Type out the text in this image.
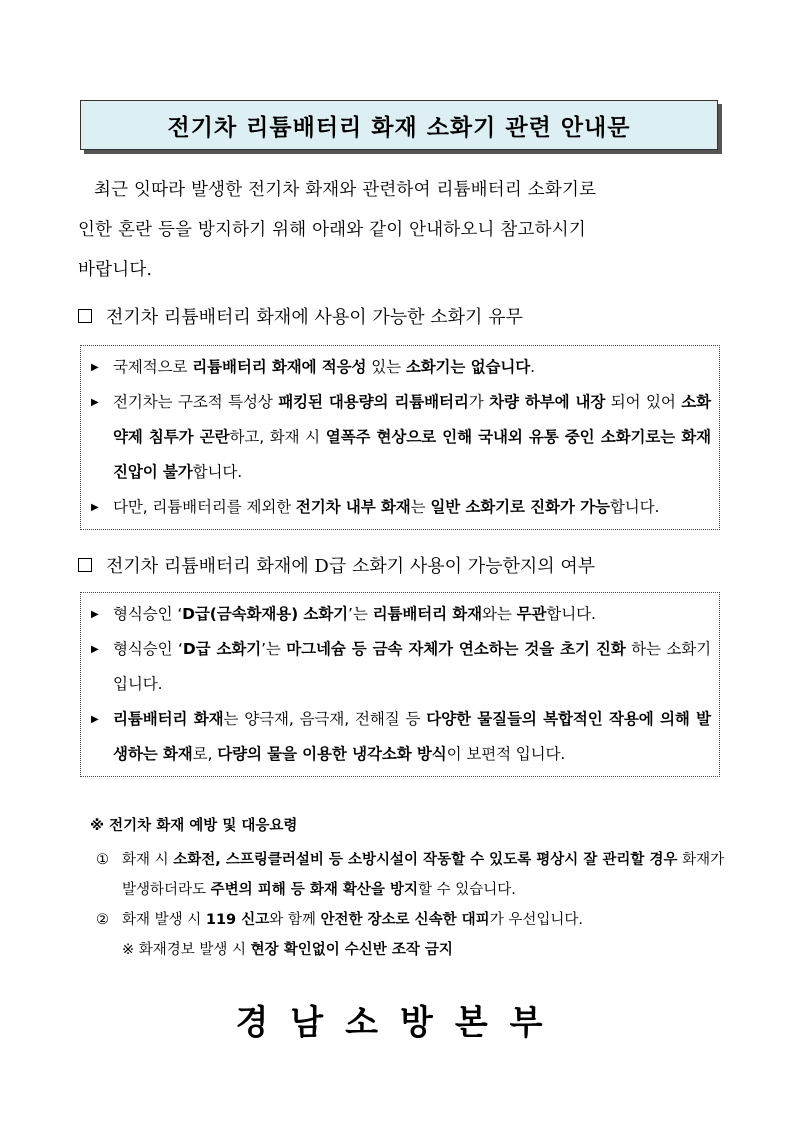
전기차 리튬배터리 화재 소화기 관련 안내문
최근 잇따라 발생한 전기차 화재와 관련하여 리튬배터리 소화기로
인한 혼란 등을 방지하기 위해 아래와 같이 안내하오니 참고하시기
바랍니다.
전기차 리튬배터리 화재에 사용이 가능한 소화기 유무
▶ 국제적으로 리튬배터리 화재에 적응성 있는 소화기는 없습니다.
▶ 전기차는 구조적 특성상 패킹된 대용량의 리튬배터리가 차량 하부에 내장 되어 있어 소화약제 침투가 곤란하고, 화재 시 열폭주 현상으로 인해 국내외 유통 중인 소화기로는 화재진압이 불가합니다.
▶ 다만, 리튬배터리를 제외한 전기차 내부 화재는 일반 소화기로 진화가 가능합니다.
전기차 리튬배터리 화재에 D급 소화기 사용이 가능한지의 여부
▶ 형식승인 ‘D급(금속화재용) 소화기’는 리튬배터리 화재와는 무관합니다.
▶ 형식승인 ‘D급 소화기’는 마그네슘 등 금속 자체가 연소하는 것을 초기 진화 하는 소화기입니다.
▶ 리튬배터리 화재는 양극재, 음극재, 전해질 등 다양한 물질들의 복합적인 작용에 의해 발생하는 화재로, 다량의 물을 이용한 냉각소화 방식이 보편적 입니다.
※ 전기차 화재 예방 및 대응요령
① 화재 시 소화전, 스프링클러설비 등 소방시설이 작동할 수 있도록 평상시 잘 관리할 경우 화재가 발생하더라도 주변의 피해 등 화재 확산을 방지할 수 있습니다.
② 화재 발생 시 119 신고와 함께 안전한 장소로 신속한 대피가 우선입니다.
※ 화재경보 발생 시 현장 확인없이 수신반 조작 금지
경남소방본부
